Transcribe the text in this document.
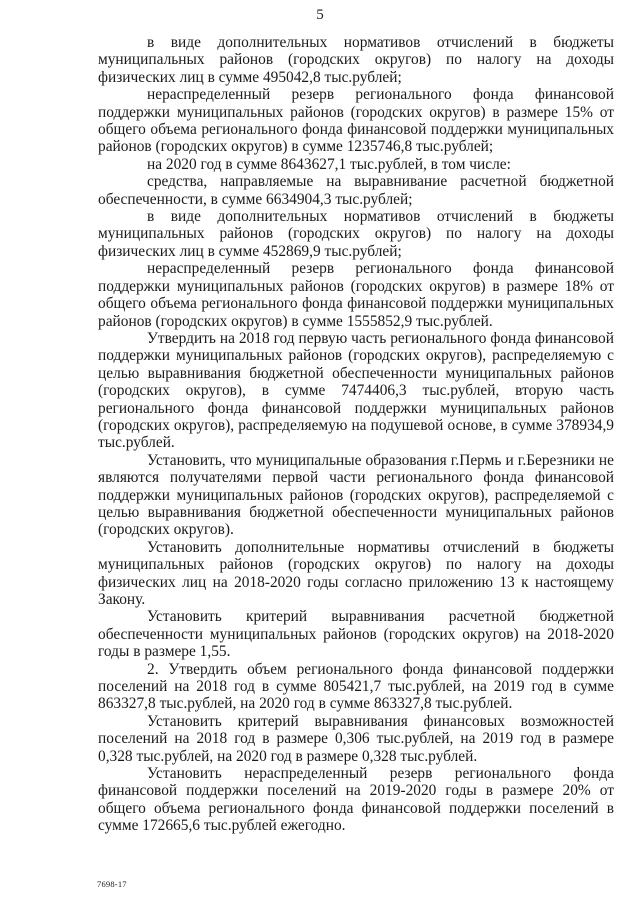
5

в виде дополнительных нормативов отчислений в бюджеты муниципальных районов (городских округов) по налогу на доходы физических лиц в сумме 495042,8 тыс.рублей;

нераспределенный резерв регионального фонда финансовой поддержки муниципальных районов (городских округов) в размере 15% от общего объема регионального фонда финансовой поддержки муниципальных районов (городских округов) в сумме 1235746,8 тыс.рублей;

на 2020 год в сумме 8643627,1 тыс.рублей, в том числе:

средства, направляемые на выравнивание расчетной бюджетной обеспеченности, в сумме 6634904,3 тыс.рублей;

в виде дополнительных нормативов отчислений в бюджеты муниципальных районов (городских округов) по налогу на доходы физических лиц в сумме 452869,9 тыс.рублей;

нераспределенный резерв регионального фонда финансовой поддержки муниципальных районов (городских округов) в размере 18% от общего объема регионального фонда финансовой поддержки муниципальных районов (городских округов) в сумме 1555852,9 тыс.рублей.

Утвердить на 2018 год первую часть регионального фонда финансовой поддержки муниципальных районов (городских округов), распределяемую с целью выравнивания бюджетной обеспеченности муниципальных районов (городских округов), в сумме 7474406,3 тыс.рублей, вторую часть регионального фонда финансовой поддержки муниципальных районов (городских округов), распределяемую на подушевой основе, в сумме 378934,9 тыс.рублей.

Установить, что муниципальные образования г.Пермь и г.Березники не являются получателями первой части регионального фонда финансовой поддержки муниципальных районов (городских округов), распределяемой с целью выравнивания бюджетной обеспеченности муниципальных районов (городских округов).

Установить дополнительные нормативы отчислений в бюджеты муниципальных районов (городских округов) по налогу на доходы физических лиц на 2018-2020 годы согласно приложению 13 к настоящему Закону.

Установить критерий выравнивания расчетной бюджетной обеспеченности муниципальных районов (городских округов) на 2018-2020 годы в размере 1,55.

2. Утвердить объем регионального фонда финансовой поддержки поселений на 2018 год в сумме 805421,7 тыс.рублей, на 2019 год в сумме 863327,8 тыс.рублей, на 2020 год в сумме 863327,8 тыс.рублей.

Установить критерий выравнивания финансовых возможностей поселений на 2018 год в размере 0,306 тыс.рублей, на 2019 год в размере 0,328 тыс.рублей, на 2020 год в размере 0,328 тыс.рублей.

Установить нераспределенный резерв регионального фонда финансовой поддержки поселений на 2019-2020 годы в размере 20% от общего объема регионального фонда финансовой поддержки поселений в сумме 172665,6 тыс.рублей ежегодно.

7698-17
